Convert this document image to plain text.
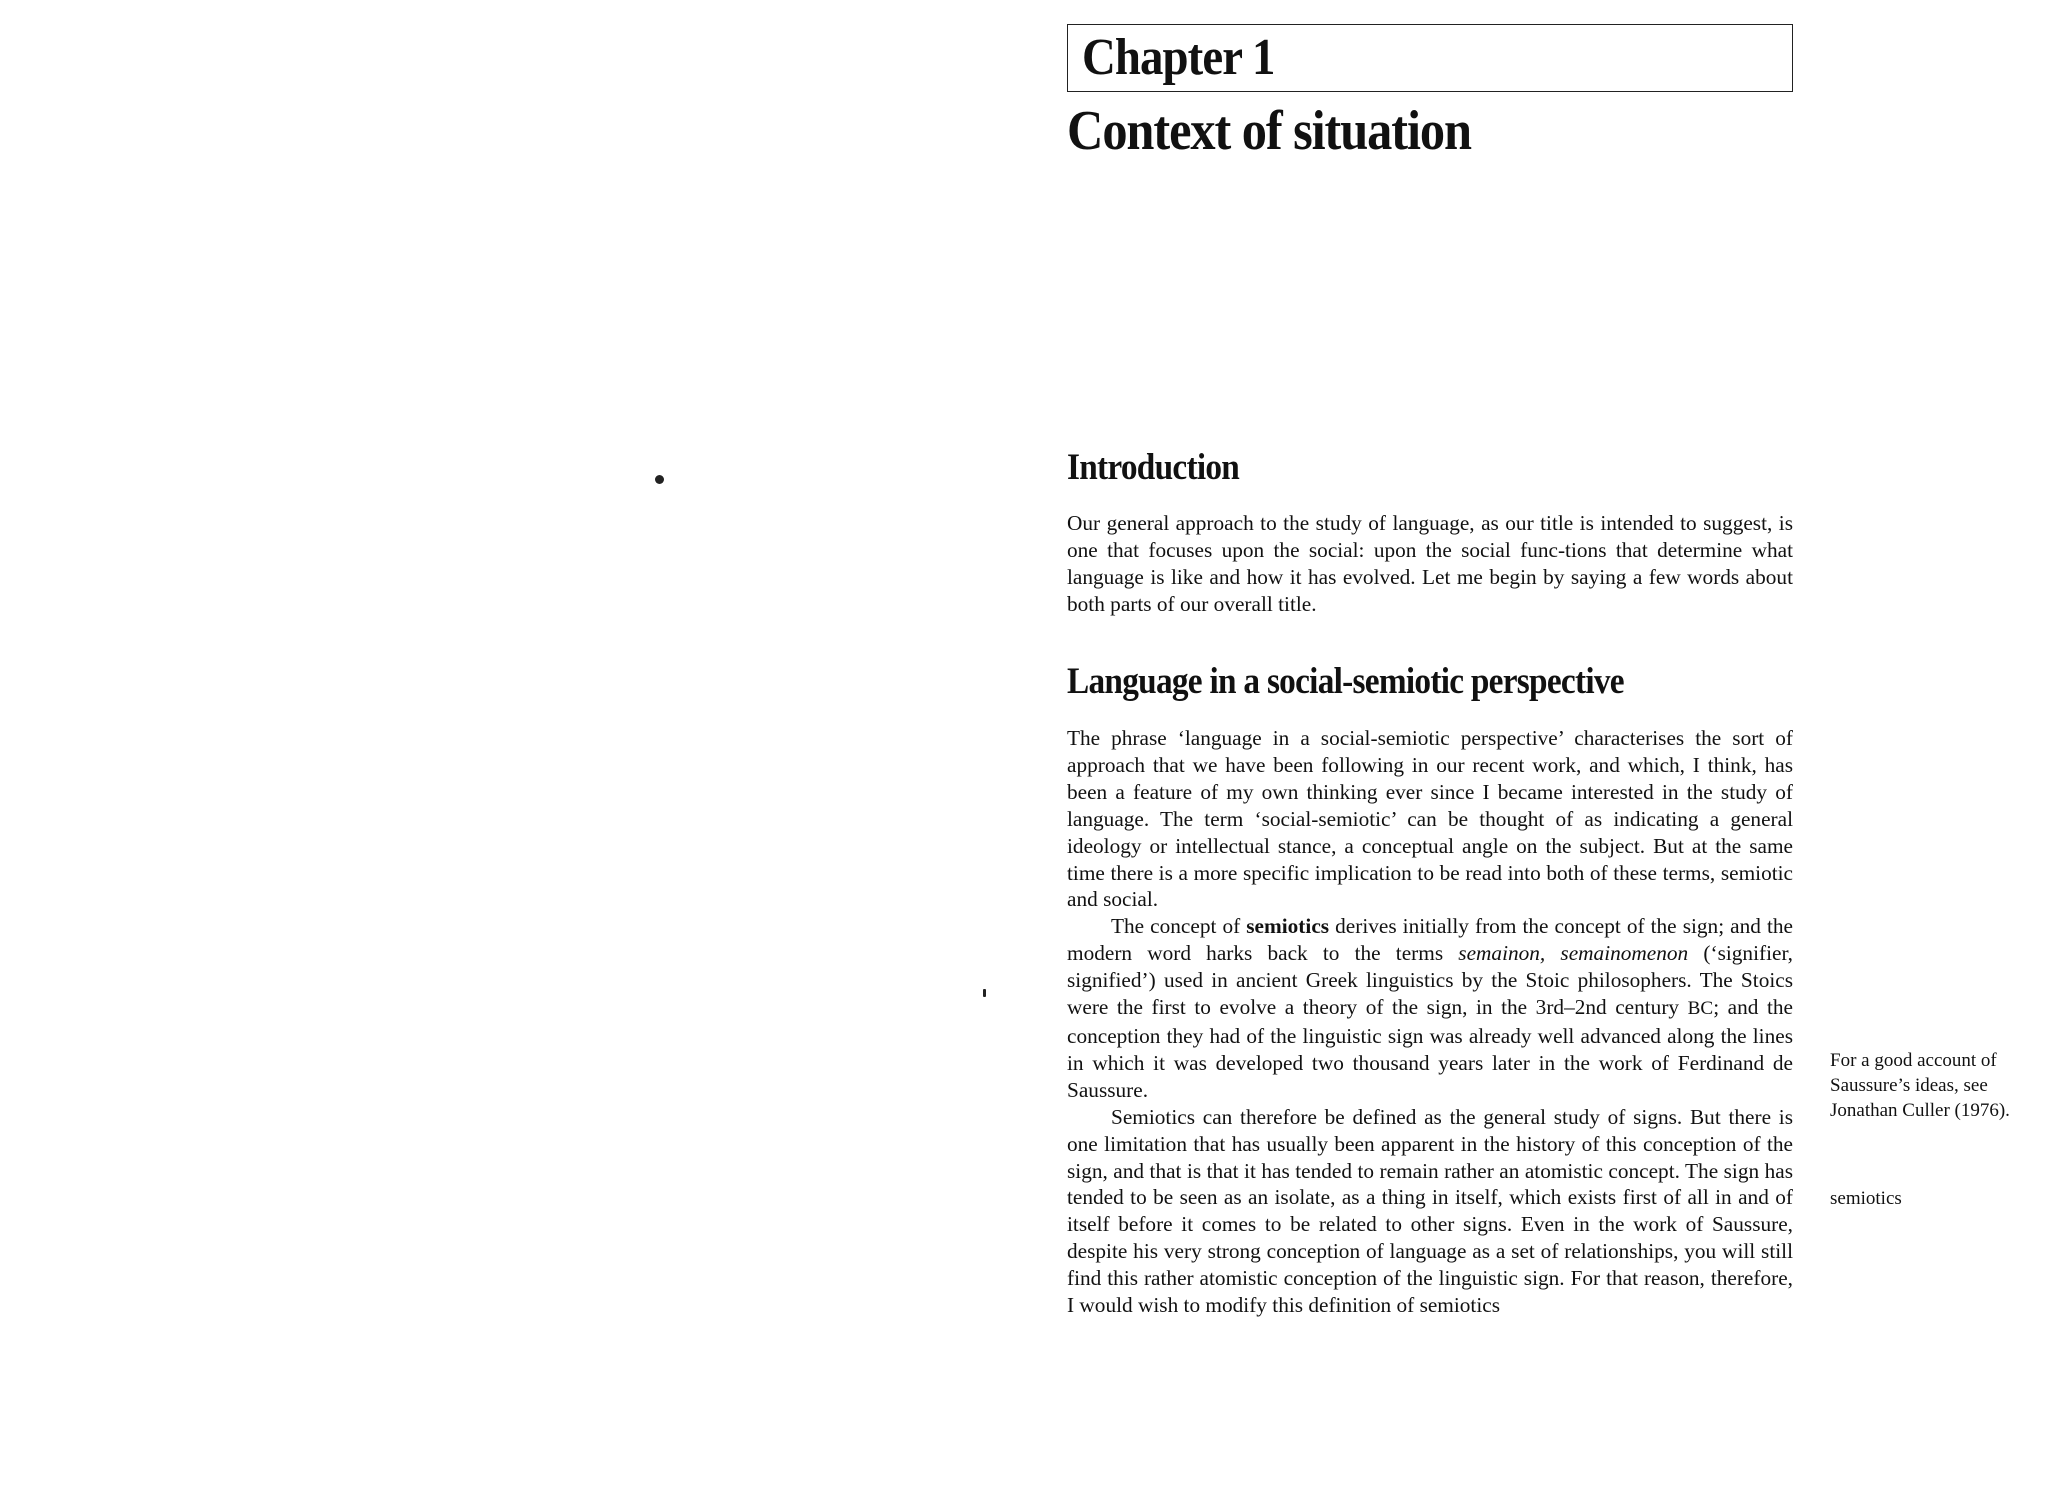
Chapter 1
Context of situation
Introduction
Our general approach to the study of language, as our title is intended to suggest, is one that focuses upon the social: upon the social func-tions that determine what language is like and how it has evolved. Let me begin by saying a few words about both parts of our overall title.
Language in a social-semiotic perspective

The phrase ‘language in a social-semiotic perspective’ characterises the sort of approach that we have been following in our recent work, and which, I think, has been a feature of my own thinking ever since I became interested in the study of language. The term ‘social-semiotic’ can be thought of as indicating a general ideology or intellectual stance, a conceptual angle on the subject. But at the same time there is a more specific implication to be read into both of these terms, semiotic and social.

The concept of semiotics derives initially from the concept of the sign; and the modern word harks back to the terms semainon, semainomenon (‘signifier, signified’) used in ancient Greek linguistics by the Stoic philosophers. The Stoics were the first to evolve a theory of the sign, in the 3rd–2nd century BC; and the conception they had of the linguistic sign was already well advanced along the lines in which it was developed two thousand years later in the work of Ferdinand de Saussure.

Semiotics can therefore be defined as the general study of signs. But there is one limitation that has usually been apparent in the history of this conception of the sign, and that is that it has tended to remain rather an atomistic concept. The sign has tended to be seen as an isolate, as a thing in itself, which exists first of all in and of itself before it comes to be related to other signs. Even in the work of Saussure, despite his very strong conception of language as a set of relationships, you will still find this rather atomistic conception of the linguistic sign. For that reason, therefore, I would wish to modify this definition of semiotics

For a good account of Saussure’s ideas, see Jonathan Culler (1976).
semiotics
